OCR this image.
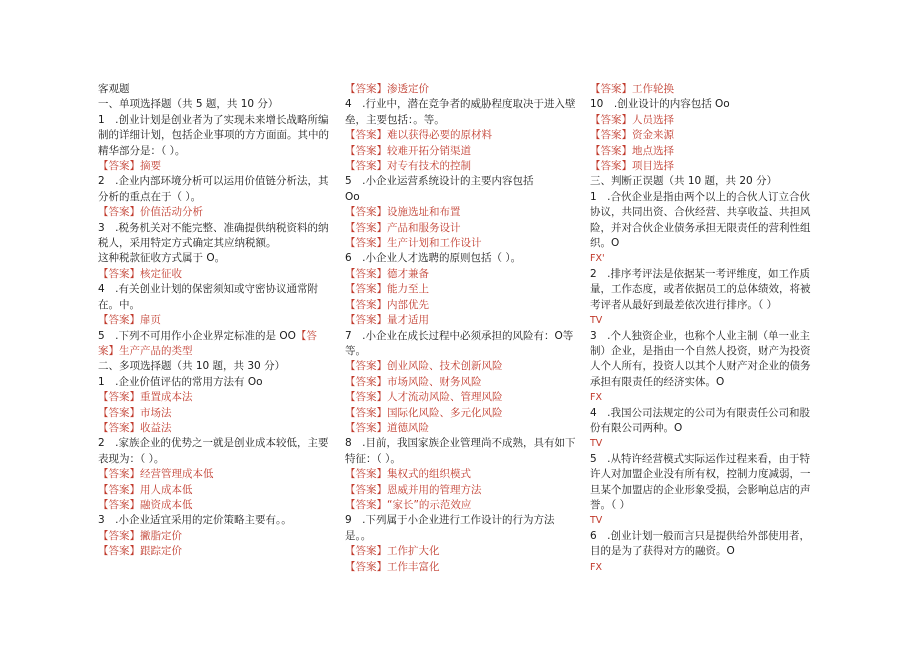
客观题
一、单项选择题（共 5 题，共 10 分）
1　.创业计划是创业者为了实现未来增长战略所编制的详细计划，包括企业事项的方方面面。其中的精华部分是：（ ）。
【答案】摘要
2　.企业内部环境分析可以运用价值链分析法，其分析的重点在于（ ）。
【答案】价值活动分析
3　.税务机关对不能完整、准确提供纳税资料的纳税人，采用特定方式确定其应纳税额。
这种税款征收方式属于 O。
【答案】核定征收
4　.有关创业计划的保密须知或守密协议通常附在。中。
【答案】扉页
5　.下列不可用作小企业界定标准的是 OO【答案】生产产品的类型
二、多项选择题（共 10 题，共 30 分）
1　.企业价值评估的常用方法有 Oo
【答案】重置成本法
【答案】市场法
【答案】收益法
2　.家族企业的优势之一就是创业成本较低，主要表现为：（ ）。
【答案】经营管理成本低
【答案】用人成本低
【答案】融资成本低
3　.小企业适宜采用的定价策略主要有。。
【答案】撇脂定价
【答案】跟踪定价
【答案】渗透定价
4　.行业中，潜在竞争者的威胁程度取决于进入壁垒，主要包括：。等。
【答案】难以获得必要的原材料
【答案】较难开拓分销渠道
【答案】对专有技术的控制
5　.小企业运营系统设计的主要内容包括
Oo
【答案】设施选址和布置
【答案】产品和服务设计
【答案】生产计划和工作设计
6　.小企业人才选聘的原则包括（ ）。
【答案】德才兼备
【答案】能力至上
【答案】内部优先
【答案】量才适用
7　.小企业在成长过程中必须承担的风险有：O等等。
【答案】创业风险、技术创新风险
【答案】市场风险、财务风险
【答案】人才流动风险、管理风险
【答案】国际化风险、多元化风险
【答案】道德风险
8　.目前，我国家族企业管理尚不成熟，具有如下特征：（ ）。
【答案】集权式的组织模式
【答案】恩威并用的管理方法
【答案】“家长”的示范效应
9　.下列属于小企业进行工作设计的行为方法是。。
【答案】工作扩大化
【答案】工作丰富化
【答案】工作轮换
10　.创业设计的内容包括 Oo
【答案】人员选择
【答案】资金来源
【答案】地点选择
【答案】项目选择
三、判断正误题（共 10 题，共 20 分）
1　.合伙企业是指由两个以上的合伙人订立合伙协议，共同出资、合伙经营、共享收益、共担风险，并对合伙企业债务承担无限责任的营利性组织。O
FX'
2　.排序考评法是依据某一考评维度，如工作质量，工作态度，或者依据员工的总体绩效，将被考评者从最好到最差依次进行排序。（ ）
TV
3　.个人独资企业，也称个人业主制（单一业主制）企业，是指由一个自然人投资，财产为投资人个人所有，投资人以其个人财产对企业的债务承担有限责任的经济实体。O
FX
4　.我国公司法规定的公司为有限责任公司和股份有限公司两种。O
TV
5　.从特许经营模式实际运作过程来看，由于特许人对加盟企业没有所有权，控制力度减弱，一旦某个加盟店的企业形象受损，会影响总店的声誉。（ ）
TV
6　.创业计划一般而言只是提供给外部使用者，目的是为了获得对方的融资。O
FX
